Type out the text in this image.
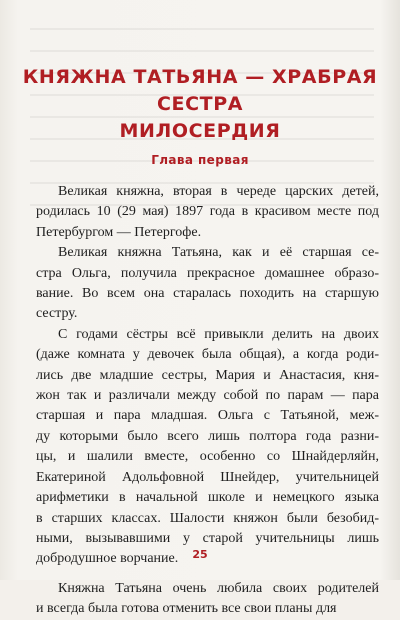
КНЯЖНА ТАТЬЯНА — ХРАБРАЯ СЕСТРА
МИЛОСЕРДИЯ
Глава первая
Великая княжна, вторая в череде царских детей,
родилась 10 (29 мая) 1897 года в красивом месте под
Петербургом — Петергофе.
Великая княжна Татьяна, как и её старшая се-
стра Ольга, получила прекрасное домашнее образо-
вание. Во всем она старалась походить на старшую
сестру.
С годами сёстры всё привыкли делить на двоих
(даже комната у девочек была общая), а когда роди-
лись две младшие сестры, Мария и Анастасия, кня-
жон так и различали между собой по парам — пара
старшая и пара младшая. Ольга с Татьяной, меж-
ду которыми было всего лишь полтора года разни-
цы, и шалили вместе, особенно со Шнайдерляйн,
Екатериной Адольфовной Шнейдер, учительницей
арифметики в начальной школе и немецкого языка
в старших классах. Шалости княжон были безобид-
ными, вызывавшими у старой учительницы лишь
добродушное ворчание.
Княжна Татьяна очень любила своих родителей
и всегда была готова отменить все свои планы для
25
